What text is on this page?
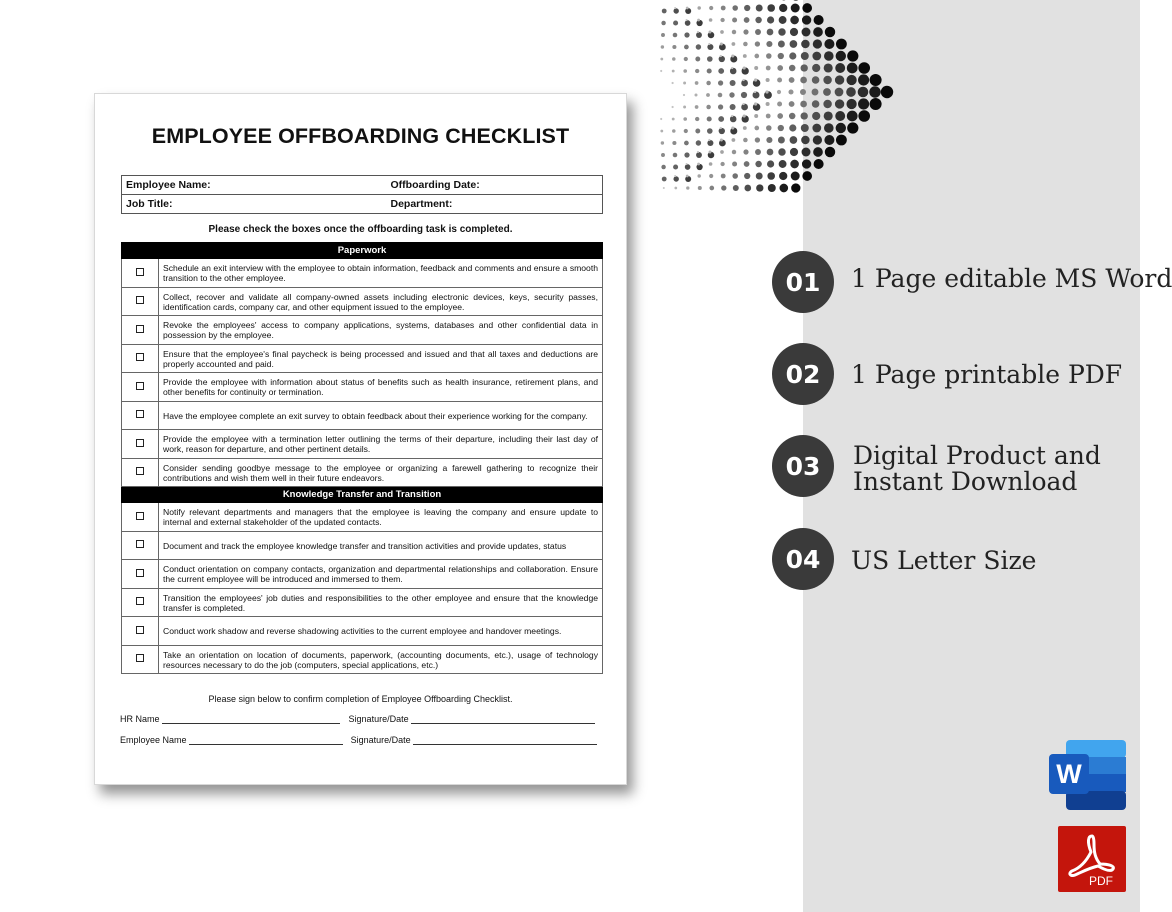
EMPLOYEE OFFBOARDING CHECKLIST
Employee Name:	Offboarding Date:
Job Title:	Department:
Please check the boxes once the offboarding task is completed.
Paperwork	
	Schedule an exit interview with the employee to obtain information, feedback and comments and ensure a smooth transition to the other employee.
	Collect, recover and validate all company-owned assets including electronic devices, keys, security passes, identification cards, company car, and other equipment issued to the employee.
	Revoke the employees' access to company applications, systems, databases and other confidential data in possession by the employee.
	Ensure that the employee's final paycheck is being processed and issued and that all taxes and deductions are properly accounted and paid.
	Provide the employee with information about status of benefits such as health insurance, retirement plans, and other benefits for continuity or termination.
	Have the employee complete an exit survey to obtain feedback about their experience working for the company.
	Provide the employee with a termination letter outlining the terms of their departure, including their last day of work, reason for departure, and other pertinent details.
	Consider sending goodbye message to the employee or organizing a farewell gathering to recognize their contributions and wish them well in their future endeavors.
Knowledge Transfer and Transition	
	Notify relevant departments and managers that the employee is leaving the company and ensure update to internal and external stakeholder of the updated contacts.
	Document and track the employee knowledge transfer and transition activities and provide updates, status
	Conduct orientation on company contacts, organization and departmental relationships and collaboration. Ensure the current employee will be introduced and immersed to them.
	Transition the employees' job duties and responsibilities to the other employee and ensure that the knowledge transfer is completed.
	Conduct work shadow and reverse shadowing activities to the current employee and handover meetings.
	Take an orientation on location of documents, paperwork, (accounting documents, etc.), usage of technology resources necessary to do the job (computers, special applications, etc.)
Please sign below to confirm completion of Employee Offboarding Checklist.
HR Name	Signature/Date
Employee Name	Signature/Date
01	1 Page editable MS Word
02	1 Page printable PDF
03	Digital Product and
Instant Download
04	US Letter Size
W
PDF
